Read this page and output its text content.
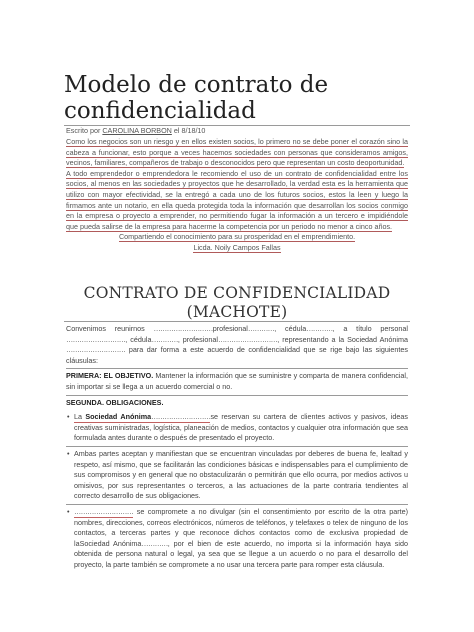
Modelo de contrato de confidencialidad
Escrito por CAROLINA BORBON el 8/18/10

Como los negocios son un riesgo y en ellos existen socios, lo primero no se debe poner el corazón sino la cabeza a funcionar, esto porque a veces hacemos sociedades con personas que consideramos amigos, vecinos, familiares, compañeros de trabajo o desconocidos pero que representan un costo deoportunidad.

A todo emprendedor o emprendedora le recomiendo el uso de un contrato de confidencialidad entre los socios, al menos en las sociedades y proyectos que he desarrollado, la verdad esta es la herramienta que utilizo con mayor efectividad, se la entregó a cada uno de los futuros socios, estos la leen y luego la firmamos ante un notario, en ella queda protegida toda la información que desarrollan los socios conmigo en la empresa o proyecto a emprender, no permitiendo fugar la información a un tercero e impidiéndole que pueda salirse de la empresa para hacerme la competencia por un periodo no menor a cinco años.

Compartiendo el conocimiento para su prosperidad en el emprendimiento.

Licda. Noily Campos Fallas

CONTRATO DE CONFIDENCIALIDAD (MACHOTE)

Convenimos reunirnos ………………………profesional…………, cédula…………, a título personal ………………………, cédula…………, profesional………………………, representando a la Sociedad Anónima ……………………… para dar forma a este acuerdo de confidencialidad que se rige bajo las siguientes cláusulas:

PRIMERA: EL OBJETIVO. Mantener la información que se suministre y comparta de manera confidencial, sin importar si se llega a un acuerdo comercial o no.

SEGUNDA. OBLIGACIONES.

• La Sociedad Anónima………………………se reservan su cartera de clientes activos y pasivos, ideas creativas suministradas, logística, planeación de medios, contactos y cualquier otra información que sea formulada antes durante o después de presentado el proyecto.

• Ambas partes aceptan y manifiestan que se encuentran vinculadas por deberes de buena fe, lealtad y respeto, así mismo, que se facilitarán las condiciones básicas e indispensables para el cumplimiento de sus compromisos y en general que no obstaculizarán o permitirán que ello ocurra, por medios activos u omisivos, por sus representantes o terceros, a las actuaciones de la parte contraria tendientes al correcto desarrollo de sus obligaciones.

• ……………………… se compromete a no divulgar (sin el consentimiento por escrito de la otra parte) nombres, direcciones, correos electrónicos, números de teléfonos, y telefaxes o telex de ninguno de los contactos, a terceras partes y que reconoce dichos contactos como de exclusiva propiedad de laSociedad Anónima…………, por el bien de este acuerdo, no importa si la información haya sido obtenida de persona natural o legal, ya sea que se llegue a un acuerdo o no para el desarrollo del proyecto, la parte también se compromete a no usar una tercera parte para romper esta cláusula.
